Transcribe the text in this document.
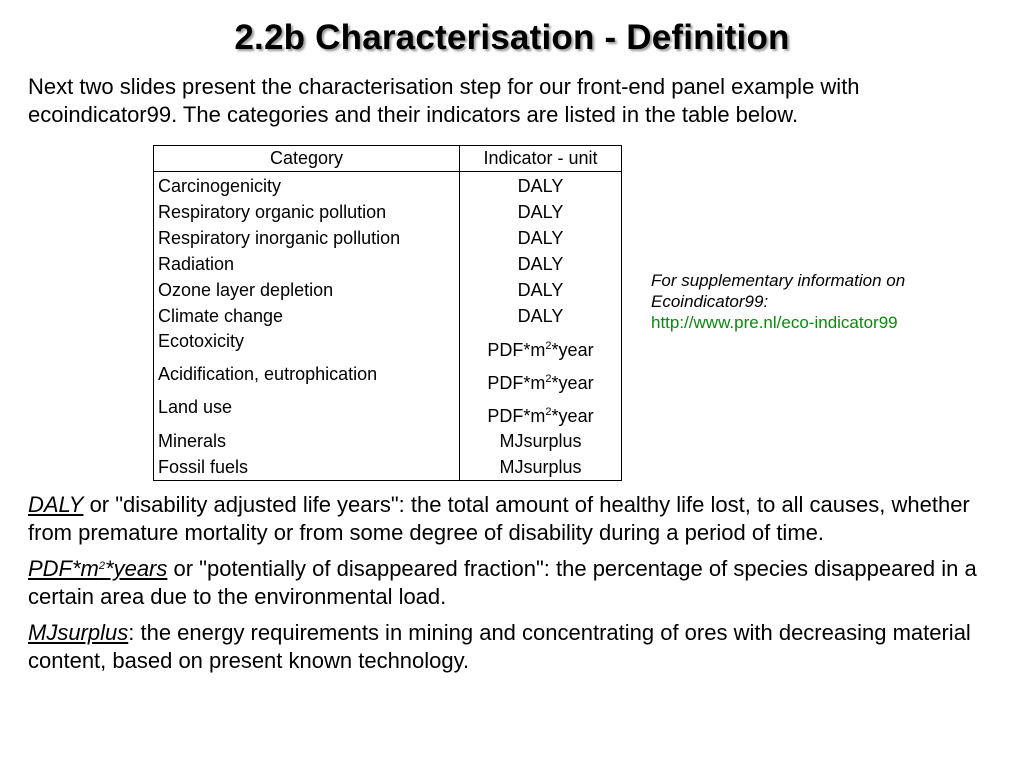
2.2b Characterisation - Definition
Next two slides present the characterisation step for our front-end panel example with ecoindicator99. The categories and their indicators are listed in the table below.
Category	Indicator - unit
Carcinogenicity	DALY
Respiratory organic pollution	DALY
Respiratory inorganic pollution	DALY
Radiation	DALY
Ozone layer depletion	DALY
Climate change	DALY
Ecotoxicity	$PDF*m^2*year$
Acidification, eutrophication	$PDF*m^2*year$
Land use	$PDF*m^2*year$
Minerals	MJsurplus
Fossil fuels	MJsurplus
For supplementary information on Ecoindicator99:
http://www.pre.nl/eco-indicator99

DALY or "disability adjusted life years": the total amount of healthy life lost, to all causes, whether from premature mortality or from some degree of disability during a period of time.

$PDF*m^2*years$ or "potentially of disappeared fraction": the percentage of species disappeared in a certain area due to the environmental load.

MJsurplus: the energy requirements in mining and concentrating of ores with decreasing material content, based on present known technology.
